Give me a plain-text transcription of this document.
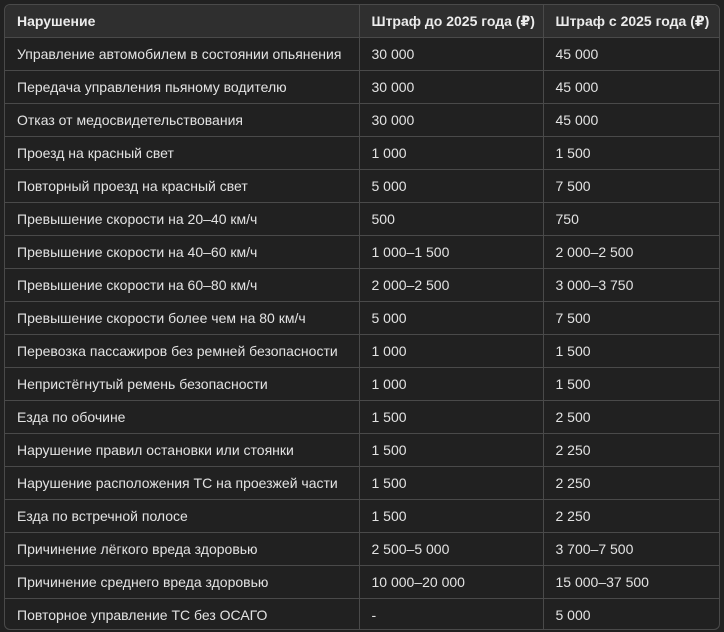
Нарушение	Штраф до 2025 года (₽)	Штраф с 2025 года (₽)
Управление автомобилем в состоянии опьянения	30 000	45 000
Передача управления пьяному водителю	30 000	45 000
Отказ от медосвидетельствования	30 000	45 000
Проезд на красный свет	1 000	1 500
Повторный проезд на красный свет	5 000	7 500
Превышение скорости на 20–40 км/ч	500	750
Превышение скорости на 40–60 км/ч	1 000–1 500	2 000–2 500
Превышение скорости на 60–80 км/ч	2 000–2 500	3 000–3 750
Превышение скорости более чем на 80 км/ч	5 000	7 500
Перевозка пассажиров без ремней безопасности	1 000	1 500
Непристёгнутый ремень безопасности	1 000	1 500
Езда по обочине	1 500	2 500
Нарушение правил остановки или стоянки	1 500	2 250
Нарушение расположения ТС на проезжей части	1 500	2 250
Езда по встречной полосе	1 500	2 250
Причинение лёгкого вреда здоровью	2 500–5 000	3 700–7 500
Причинение среднего вреда здоровью	10 000–20 000	15 000–37 500
Повторное управление ТС без ОСАГО	-	5 000
